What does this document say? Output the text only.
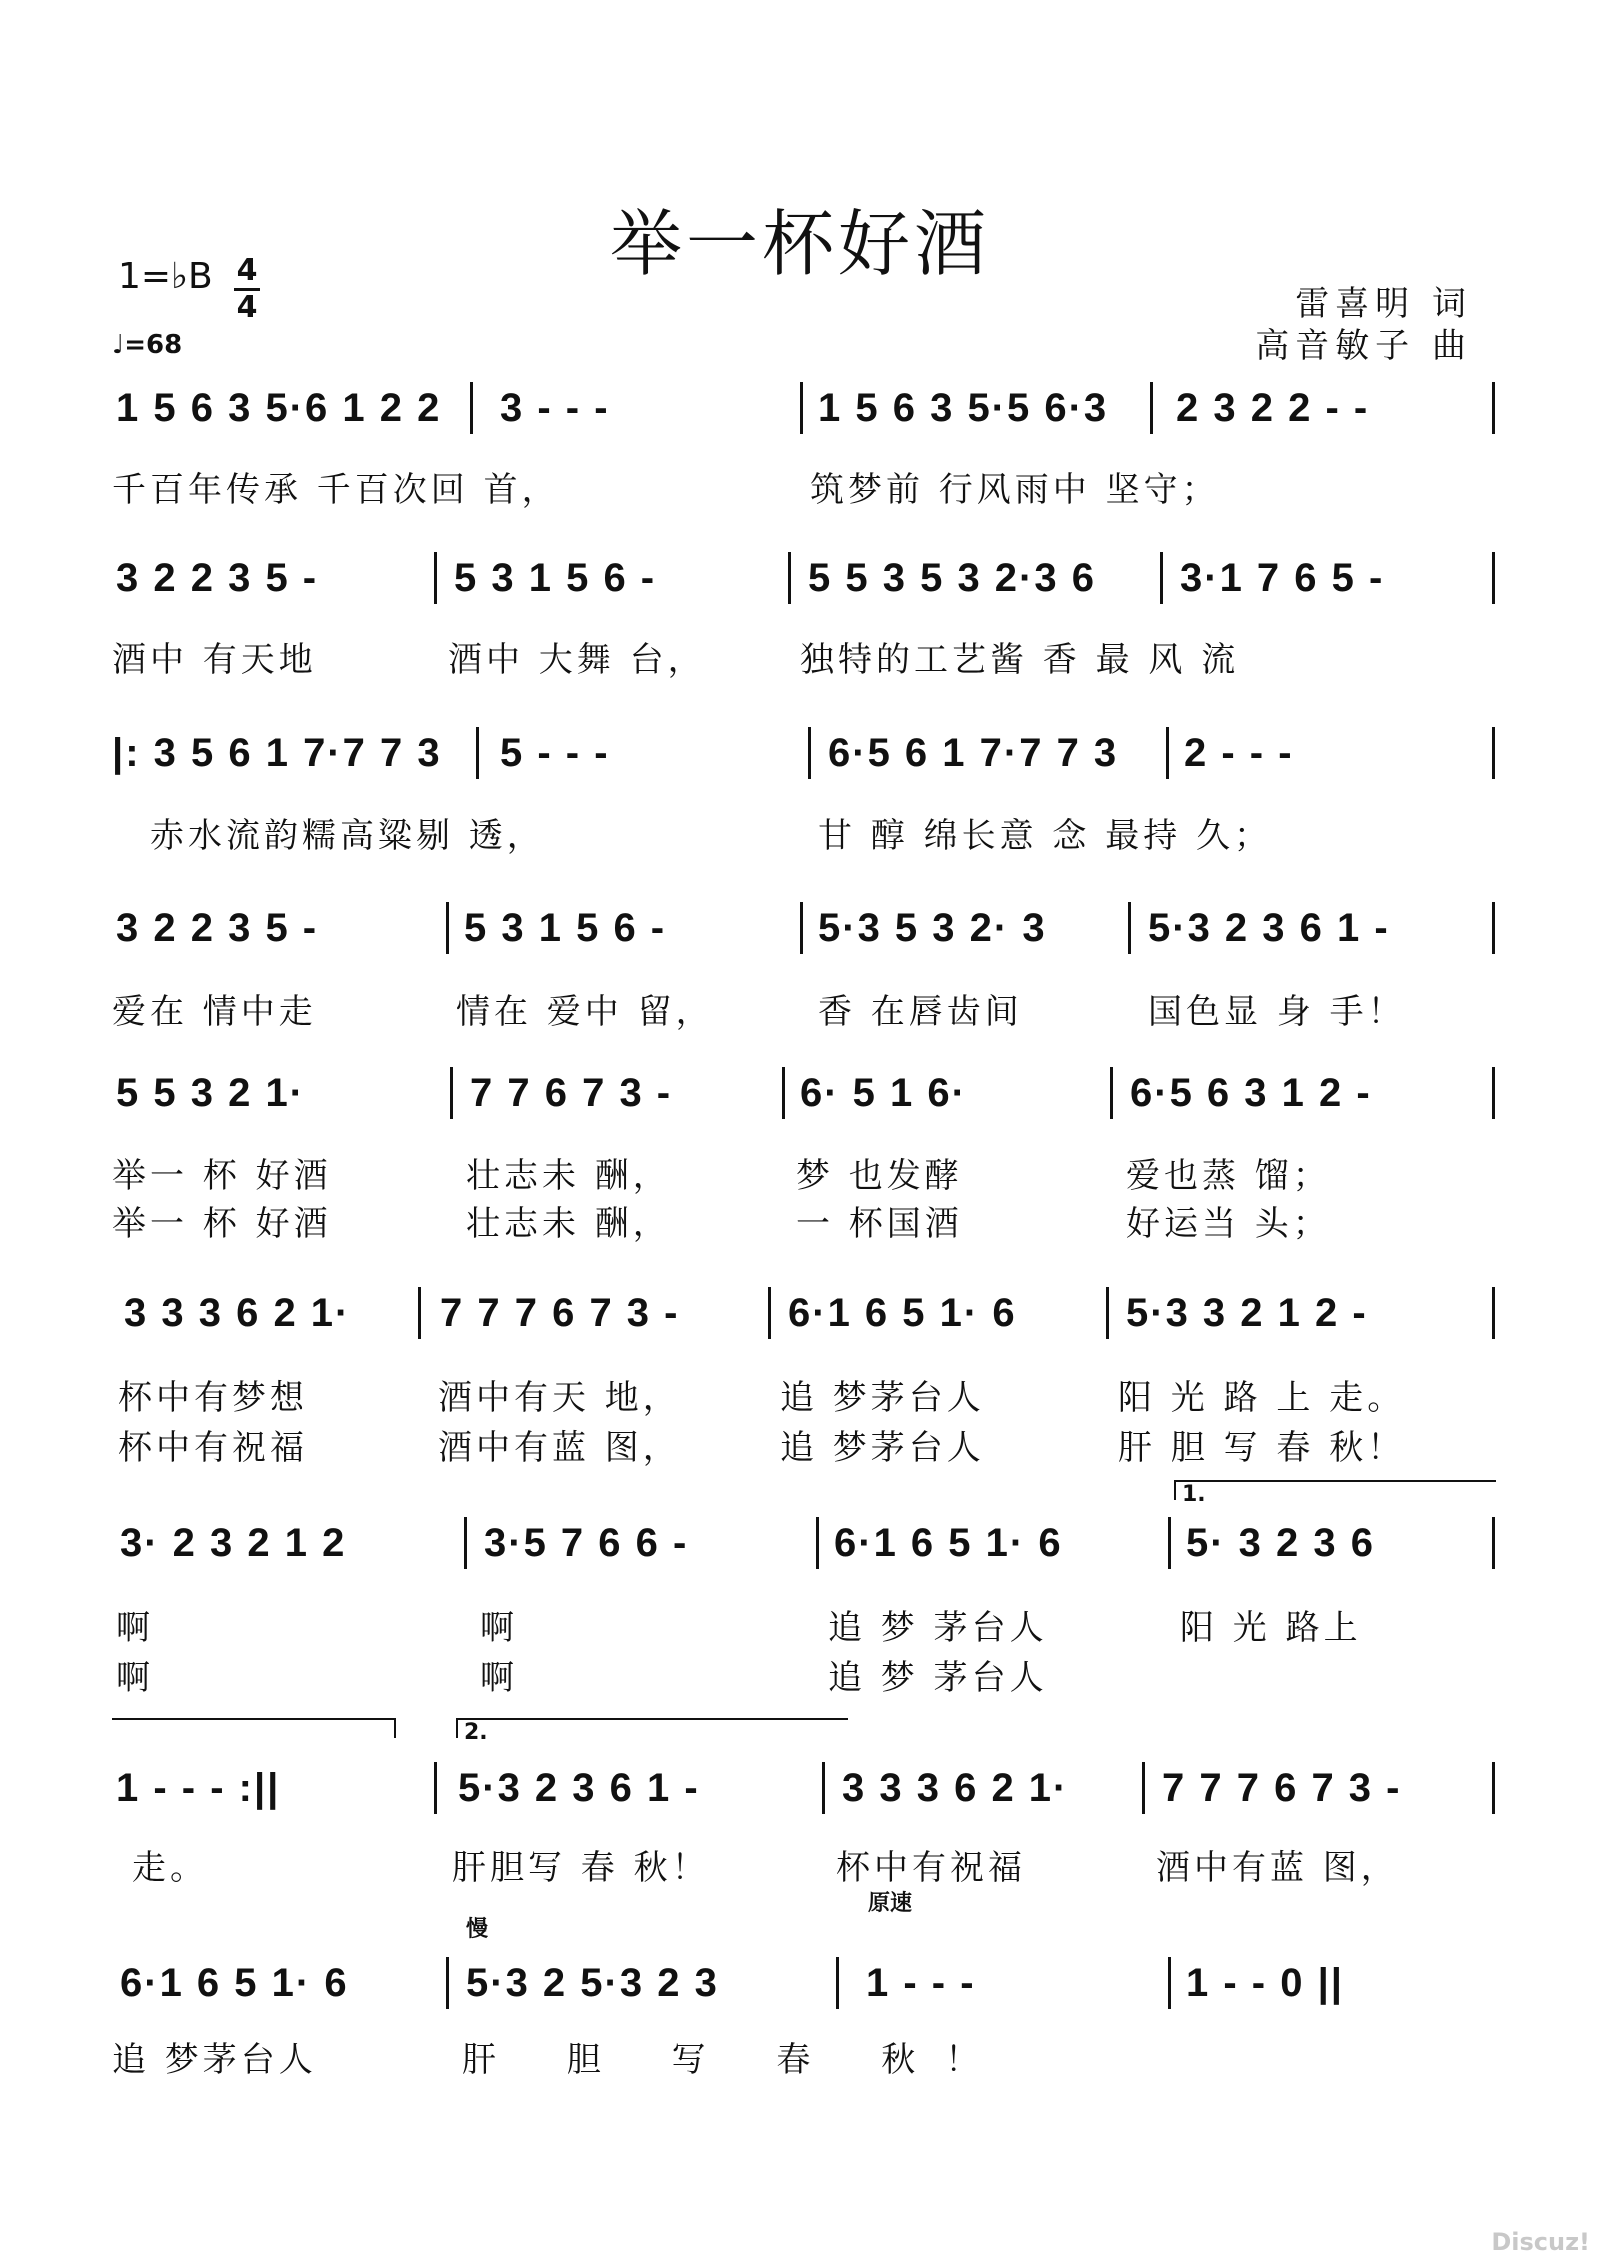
举一杯好酒
1=♭B 4
4
♩=68
雷喜明 词
高音敏子 曲
1 5 6 3 5·6 1 2 2 3 - - -	1 5 6 3 5·5 6·3 2 3 2 2 - -
千百年传承 千百次回 首，	筑梦前 行风雨中 坚守；
3 2 2 3 5 -	5 3 1 5 6 -	5 5 3 5 3 2·3 6 3·1 7 6 5 -
酒中 有天地	酒中 大舞 台，	独特的工艺酱 香 最 风 流
|: 3 5 6 1 7·7 7 3 5 - - -	6·5 6 1 7·7 7 3 2 - - -
赤水流韵糯高粱剔 透，	甘 醇 绵长意 念 最持 久；
3 2 2 3 5 -	5 3 1 5 6 -	5·3 5 3 2· 3	5·3 2 3 6 1 -
爱在 情中走	情在 爱中 留，	香 在唇齿间	国色显 身 手！
5 5 3 2 1·	7 7 6 7 3 -	6· 5 1 6·	6·5 6 3 1 2 -
举一 杯 好酒	壮志未 酬，	梦 也发酵	爱也蒸 馏；
举一 杯 好酒	壮志未 酬，	一 杯国酒	好运当 头；
3 3 3 6 2 1· 7 7 7 6 7 3 -	6·1 6 5 1· 6	5·3 3 2 1 2 -
杯中有梦想	酒中有天 地，	追 梦茅台人	阳 光 路 上 走。
杯中有祝福	酒中有蓝 图，	追 梦茅台人	肝 胆 写 春 秋！
1.
3· 2 3 2 1 2	3·5 7 6 6 -	6·1 6 5 1· 6	5· 3 2 3 6
啊	啊	追 梦 茅台人	阳 光 路上
啊	啊	追 梦 茅台人
2.
1 - - - :||	5·3 2 3 6 1 -	3 3 3 6 2 1· 7 7 7 6 7 3 -
走。	肝胆写 春 秋！	杯中有祝福	酒中有蓝 图，
慢
原速
6·1 6 5 1· 6	5·3 2 5·3 2 3	1 - - -	1 - - 0 ||
追 梦茅台人	肝 胆 写 春 秋！
Discuz!
